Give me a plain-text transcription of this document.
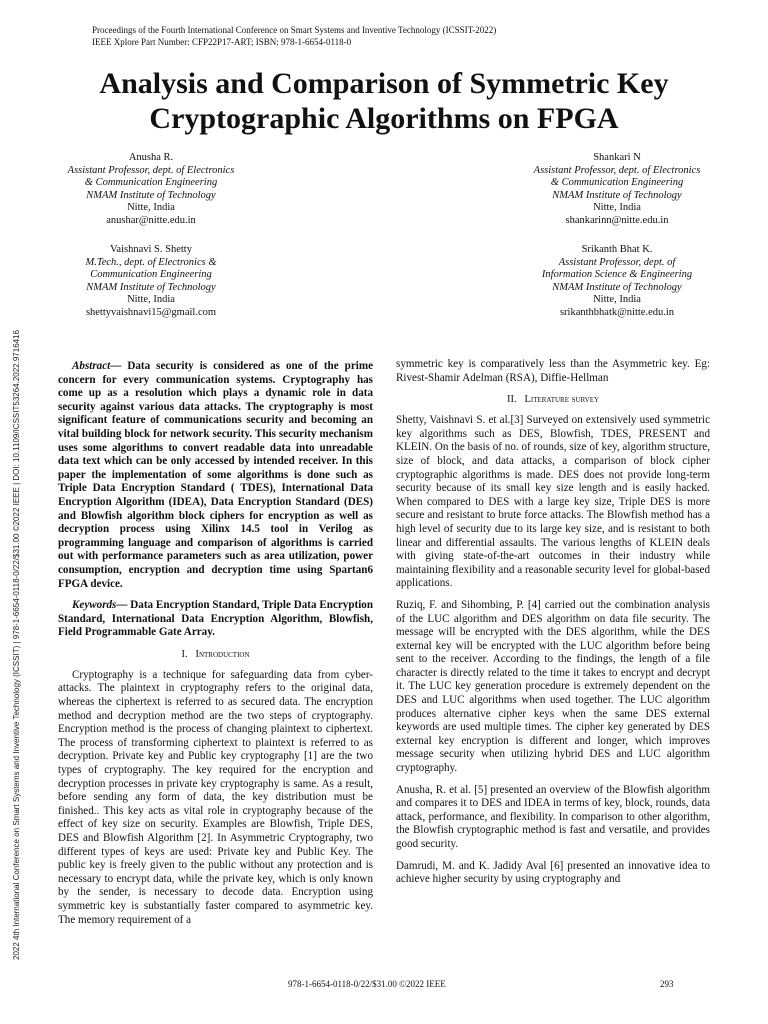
Proceedings of the Fourth International Conference on Smart Systems and Inventive Technology (ICSSIT-2022)
IEEE Xplore Part Number: CFP22P17-ART; ISBN: 978-1-6654-0118-0
Analysis and Comparison of Symmetric Key
Cryptographic Algorithms on FPGA
Anusha R.
Assistant Professor, dept. of Electronics
& Communication Engineering
NMAM Institute of Technology
Nitte, India
anushar@nitte.edu.in
Shankari N
Assistant Professor, dept. of Electronics
& Communication Engineering
NMAM Institute of Technology
Nitte, India
shankarinn@nitte.edu.in
Vaishnavi S. Shetty
M.Tech., dept. of Electronics &
Communication Engineering
NMAM Institute of Technology
Nitte, India
shettyvaishnavi15@gmail.com
Srikanth Bhat K.
Assistant Professor, dept. of
Information Science & Engineering
NMAM Institute of Technology
Nitte, India
srikanthbhatk@nitte.edu.in
2022 4th International Conference on Smart Systems and Inventive Technology (ICSSIT) | 978-1-6654-0118-0/22/$31.00 ©2022 IEEE | DOI: 10.1109/ICSSIT53264.2022.9716416	Abstract— Data security is considered as one of the prime concern for every communication systems. Cryptography has come up as a resolution which plays a dynamic role in data security against various data attacks. The cryptography is most significant feature of communications security and becoming an vital building block for network security. This security mechanism uses some algorithms to convert readable data into unreadable data text which can be only accessed by intended receiver. In this paper the implementation of some algorithms is done such as Triple Data Encryption Standard ( TDES), International Data Encryption Algorithm (IDEA), Data Encryption Standard (DES) and Blowfish algorithm block ciphers for encryption as well as decryption process using Xilinx 14.5 tool in Verilog as programming language and comparison of algorithms is carried out with performance parameters such as area utilization, power consumption, encryption and decryption time using Spartan6 FPGA device.

Keywords— Data Encryption Standard, Triple Data Encryption Standard, International Data Encryption Algorithm, Blowfish, Field Programmable Gate Array.

I. Introduction

Cryptography is a technique for safeguarding data from cyber-attacks. The plaintext in cryptography refers to the original data, whereas the ciphertext is referred to as secured data. The encryption method and decryption method are the two steps of cryptography. Encryption method is the process of changing plaintext to ciphertext. The process of transforming ciphertext to plaintext is referred to as decryption. Private key and Public key cryptography [1] are the two types of cryptography. The key required for the encryption and decryption processes in private key cryptography is same. As a result, before sending any form of data, the key distribution must be finished.. This key acts as vital role in cryptography because of the effect of key size on security. Examples are Blowfish, Triple DES, DES and Blowfish Algorithm [2]. In Asymmetric Cryptography, two different types of keys are used: Private key and Public Key. The public key is freely given to the public without any protection and is necessary to encrypt data, while the private key, which is only known by the sender, is necessary to decode data. Encryption using symmetric key is substantially faster compared to asymmetric key. The memory requirement of a

symmetric key is comparatively less than the Asymmetric key. Eg: Rivest-Shamir Adelman (RSA), Diffie-Hellman

II. Literature survey

Shetty, Vaishnavi S. et al.[3] Surveyed on extensively used symmetric key algorithms such as DES, Blowfish, TDES, PRESENT and KLEIN. On the basis of no. of rounds, size of key, algorithm structure, size of block, and data attacks, a comparison of block cipher cryptographic algorithms is made. DES does not provide long-term security because of its small key size length and is easily hacked. When compared to DES with a large key size, Triple DES is more secure and resistant to brute force attacks. The Blowfish method has a high level of security due to its large key size, and is resistant to both linear and differential assaults. The various lengths of KLEIN deals with giving state-of-the-art outcomes in their industry while maintaining flexibility and a reasonable security level for global-based applications.

Ruziq, F. and Sihombing, P. [4] carried out the combination analysis of the LUC algorithm and DES algorithm on data file security. The message will be encrypted with the DES algorithm, while the DES external key will be encrypted with the LUC algorithm before being sent to the receiver. According to the findings, the length of a file character is directly related to the time it takes to encrypt and decrypt it. The LUC key generation procedure is extremely dependent on the DES and LUC algorithms when used together. The LUC algorithm produces alternative cipher keys when the same DES external keywords are used multiple times. The cipher key generated by DES external key encryption is different and longer, which improves message security when utilizing hybrid DES and LUC algorithm cryptography.

Anusha, R. et al. [5] presented an overview of the Blowfish algorithm and compares it to DES and IDEA in terms of key, block, rounds, data attack, performance, and flexibility. In comparison to other algorithm, the Blowfish cryptographic method is fast and versatile, and provides good security.

Damrudi, M. and K. Jadidy Aval [6] presented an innovative idea to achieve higher security by using cryptography and

978-1-6654-0118-0/22/$31.00 ©2022 IEEE	293
